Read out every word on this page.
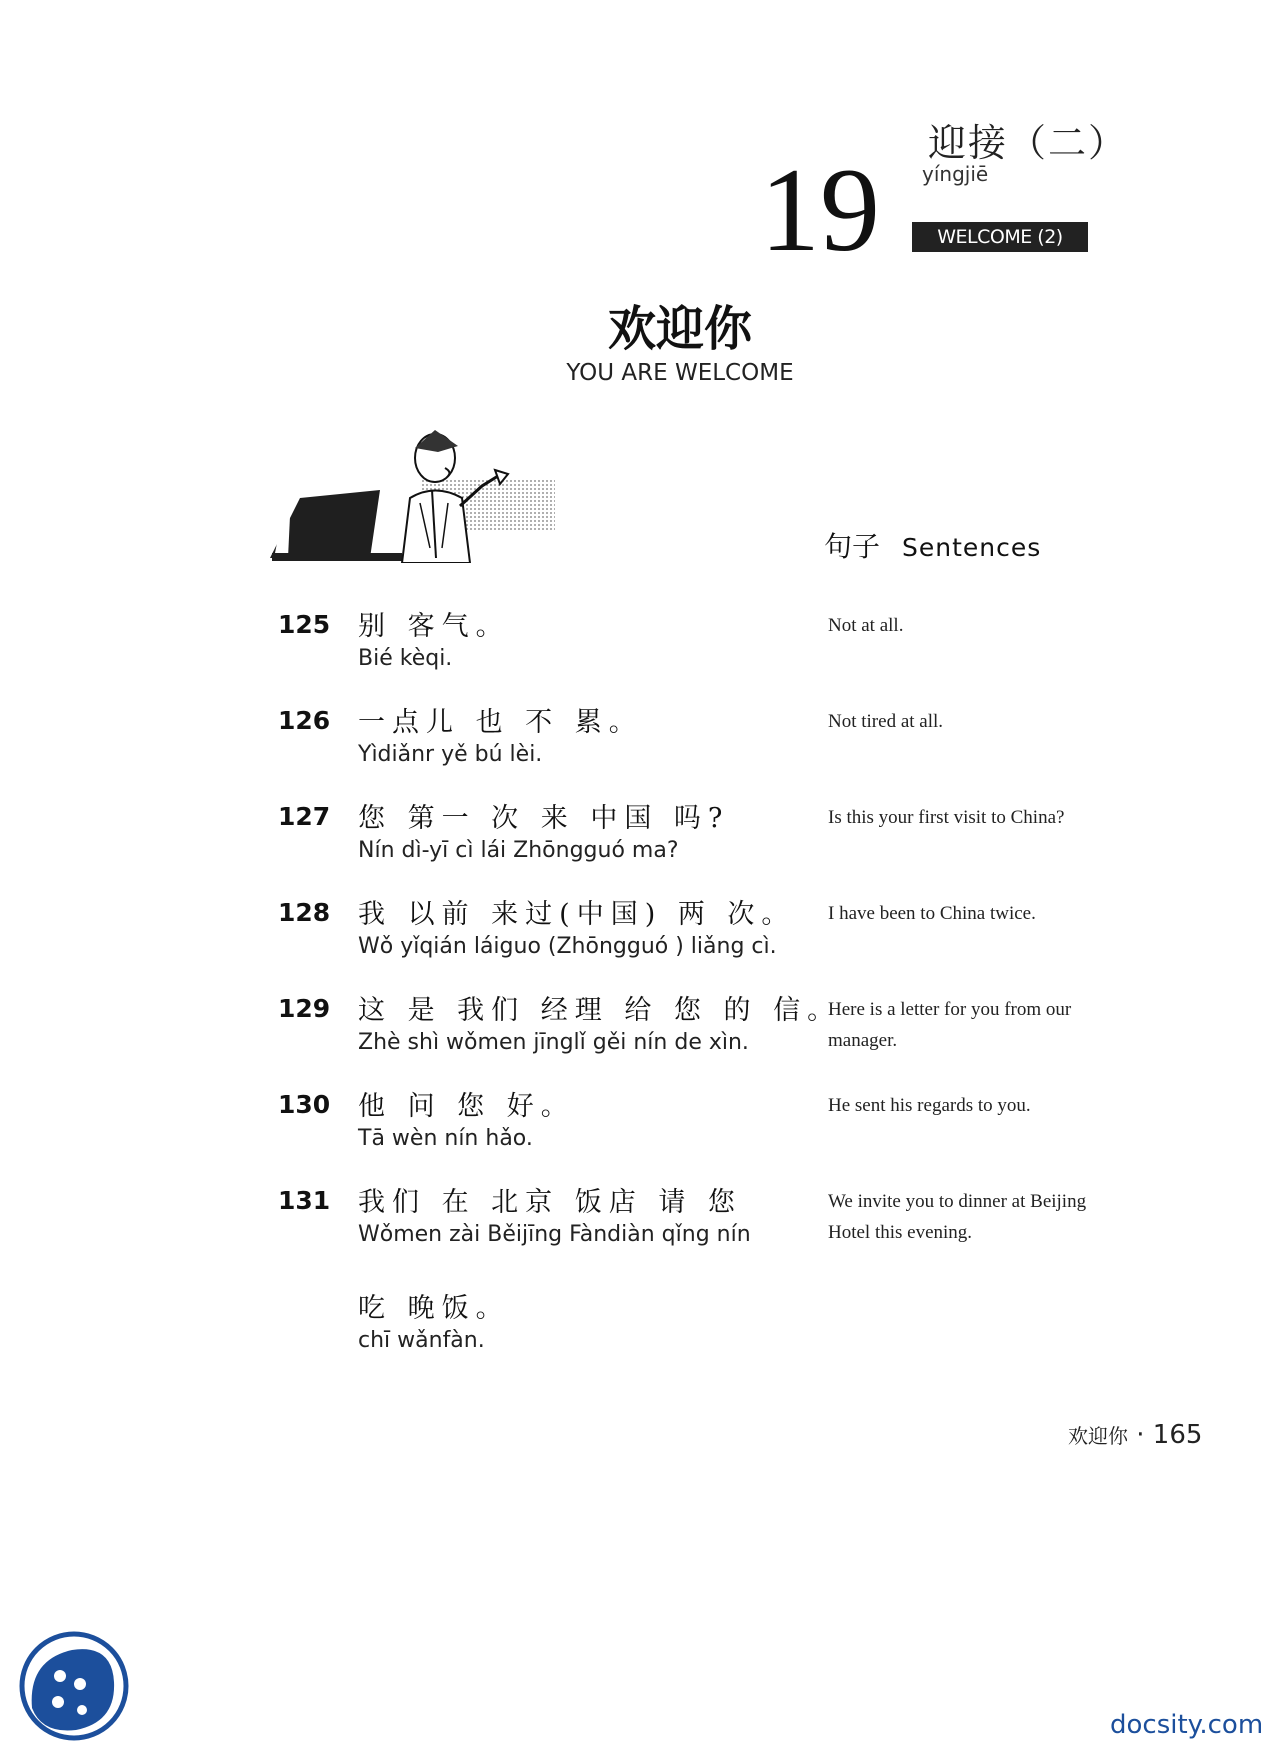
迎接（二）
yíngjiē
19	WELCOME (2)
欢迎你
YOU ARE WELCOME
句子 Sentences
125 别 客气。
Bié kèqi.
Not at all.
126 一点儿 也 不 累。
Yìdiǎnr yě bú lèi.
Not tired at all.
127 您 第一 次 来 中国 吗?
Nín dì-yī cì lái Zhōngguó ma?
Is this your first visit to China?
128 我 以前 来过(中国) 两 次。
Wǒ yǐqián láiguo (Zhōngguó ) liǎng cì.
I have been to China twice.
129 这 是 我们 经理 给 您 的 信。
Zhè shì wǒmen jīnglǐ gěi nín de xìn.
Here is a letter for you from our manager.
130 他 问 您 好。
Tā wèn nín hǎo.
He sent his regards to you.
131 我们 在 北京 饭店 请 您
Wǒmen zài Běijīng Fàndiàn qǐng nín
吃 晚饭。
chī wǎnfàn.
We invite you to dinner at Beijing Hotel this evening.
欢迎你 · 165
docsity.com
